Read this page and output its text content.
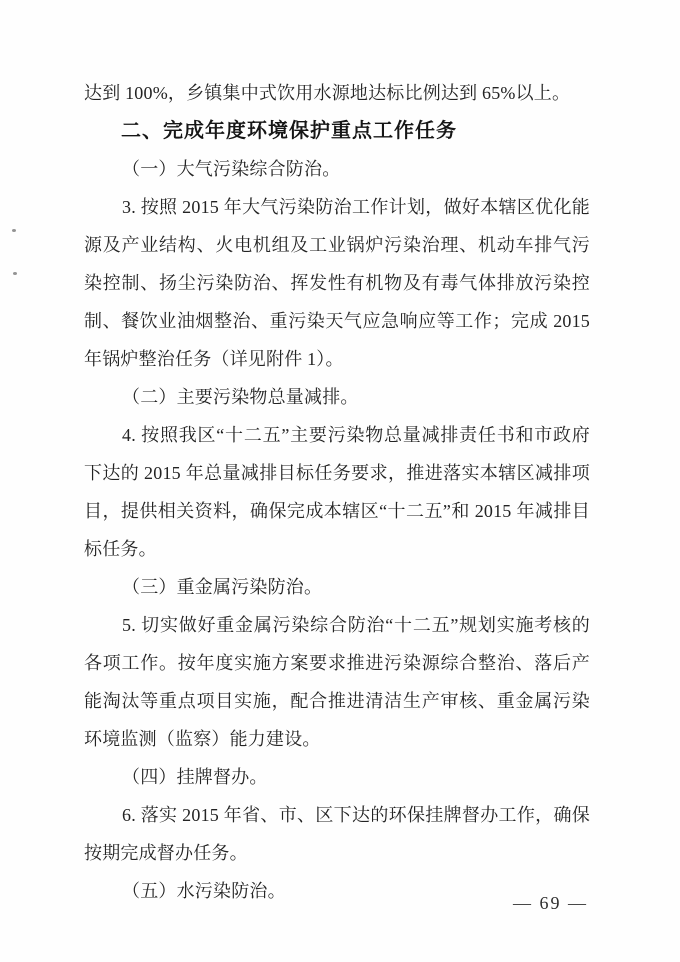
达到 100%，乡镇集中式饮用水源地达标比例达到 65%以上。

二、完成年度环境保护重点工作任务

（一）大气污染综合防治。

3. 按照 2015 年大气污染防治工作计划，做好本辖区优化能源及产业结构、火电机组及工业锅炉污染治理、机动车排气污染控制、扬尘污染防治、挥发性有机物及有毒气体排放污染控制、餐饮业油烟整治、重污染天气应急响应等工作；完成 2015 年锅炉整治任务（详见附件 1）。

（二）主要污染物总量减排。

4. 按照我区“十二五”主要污染物总量减排责任书和市政府下达的 2015 年总量减排目标任务要求，推进落实本辖区减排项目，提供相关资料，确保完成本辖区“十二五”和 2015 年减排目标任务。

（三）重金属污染防治。

5. 切实做好重金属污染综合防治“十二五”规划实施考核的各项工作。按年度实施方案要求推进污染源综合整治、落后产能淘汰等重点项目实施，配合推进清洁生产审核、重金属污染环境监测（监察）能力建设。

（四）挂牌督办。

6. 落实 2015 年省、市、区下达的环保挂牌督办工作，确保按期完成督办任务。

（五）水污染防治。

— 69 —
